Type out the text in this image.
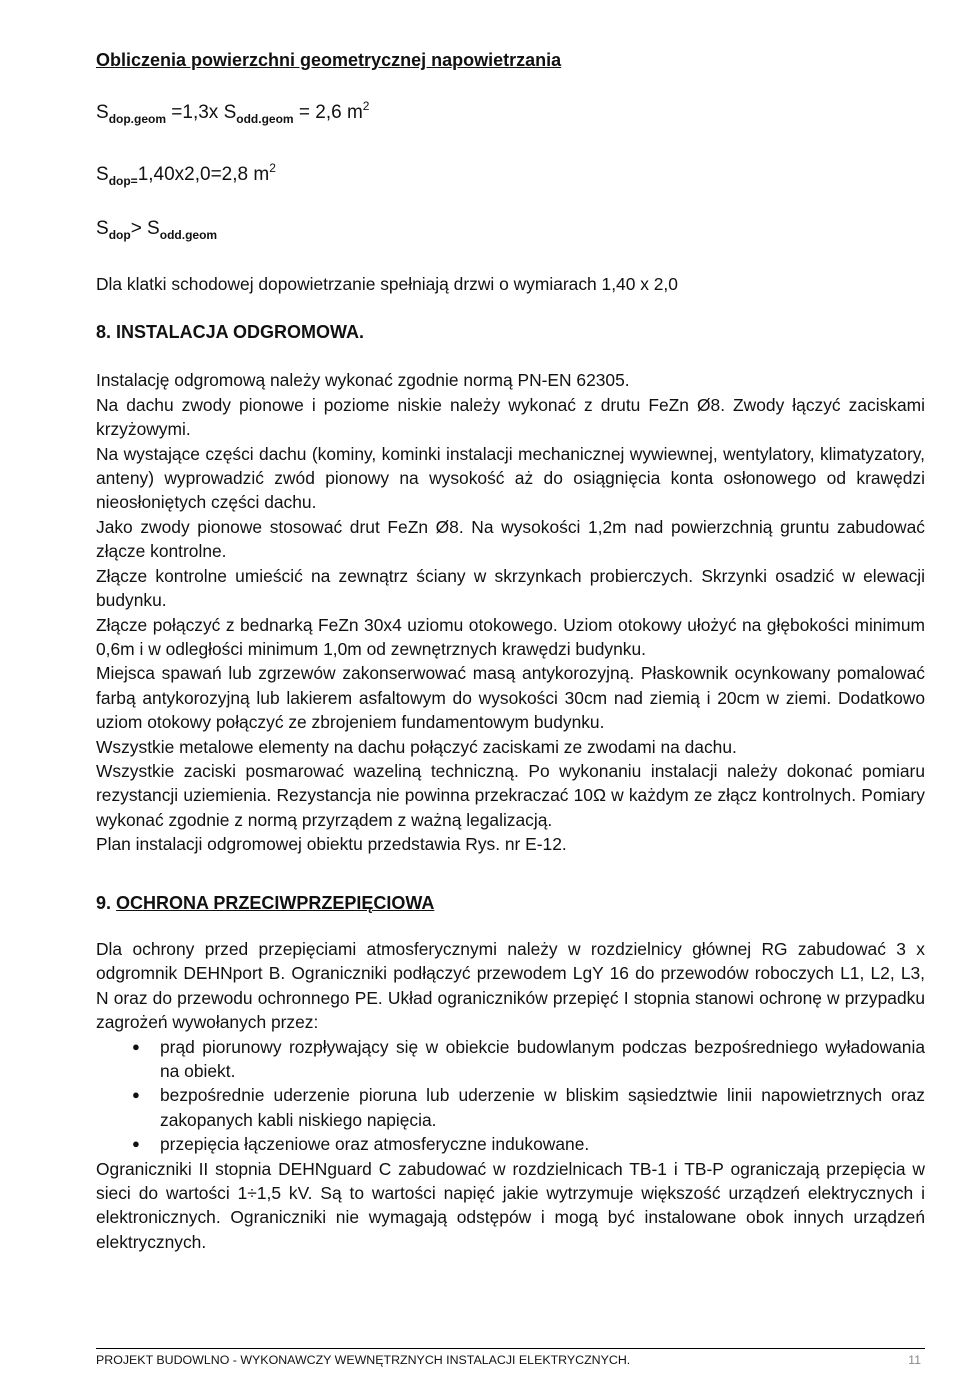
Obliczenia powierzchni geometrycznej napowietrzania
$S_{dop.geom} =1,3x$ $S_{odd.geom} = 2,6$ $m^2$
$S_{dop=}1,40x2,0=2,8$ $m^2$
$S_{dop}> S_{odd.geom}$
Dla klatki schodowej dopowietrzanie spełniają drzwi o wymiarach 1,40 x 2,0
8. INSTALACJA ODGROMOWA.
Instalację odgromową należy wykonać zgodnie normą PN-EN 62305.
Na dachu zwody pionowe i poziome niskie należy wykonać z drutu FeZn Ø8. Zwody łączyć zaciskami krzyżowymi.
Na wystające części dachu (kominy, kominki instalacji mechanicznej wywiewnej, wentylatory, klimatyzatory, anteny) wyprowadzić zwód pionowy na wysokość aż do osiągnięcia konta osłonowego od krawędzi nieosłoniętych części dachu.
Jako zwody pionowe stosować drut FeZn Ø8. Na wysokości 1,2m nad powierzchnią gruntu zabudować złącze kontrolne.
Złącze kontrolne umieścić na zewnątrz ściany w skrzynkach probierczych. Skrzynki osadzić w elewacji budynku.
Złącze połączyć z bednarką FeZn 30x4 uziomu otokowego. Uziom otokowy ułożyć na głębokości minimum 0,6m i w odległości minimum 1,0m od zewnętrznych krawędzi budynku.
Miejsca spawań lub zgrzewów zakonserwować masą antykorozyjną. Płaskownik ocynkowany pomalować farbą antykorozyjną lub lakierem asfaltowym do wysokości 30cm nad ziemią i 20cm w ziemi. Dodatkowo uziom otokowy połączyć ze zbrojeniem fundamentowym budynku.
Wszystkie metalowe elementy na dachu połączyć zaciskami ze zwodami na dachu.
Wszystkie zaciski posmarować wazeliną techniczną. Po wykonaniu instalacji należy dokonać pomiaru rezystancji uziemienia. Rezystancja nie powinna przekraczać 10Ω w każdym ze złącz kontrolnych. Pomiary wykonać zgodnie z normą przyrządem z ważną legalizacją.
Plan instalacji odgromowej obiektu przedstawia Rys. nr E-12.
9. OCHRONA PRZECIWPRZEPIĘCIOWA
Dla ochrony przed przepięciami atmosferycznymi należy w rozdzielnicy głównej RG zabudować 3 x odgromnik DEHNport B. Ograniczniki podłączyć przewodem LgY 16 do przewodów roboczych L1, L2, L3, N oraz do przewodu ochronnego PE. Układ ograniczników przepięć I stopnia stanowi ochronę w przypadku zagrożeń wywołanych przez:
● prąd piorunowy rozpływający się w obiekcie budowlanym podczas bezpośredniego wyładowania na obiekt.
● bezpośrednie uderzenie pioruna lub uderzenie w bliskim sąsiedztwie linii napowietrznych oraz zakopanych kabli niskiego napięcia.
● przepięcia łączeniowe oraz atmosferyczne indukowane.
Ograniczniki II stopnia DEHNguard C zabudować w rozdzielnicach TB-1 i TB-P ograniczają przepięcia w sieci do wartości 1÷1,5 kV. Są to wartości napięć jakie wytrzymuje większość urządzeń elektrycznych i elektronicznych. Ograniczniki nie wymagają odstępów i mogą być instalowane obok innych urządzeń elektrycznych.
PROJEKT BUDOWLNO - WYKONAWCZY WEWNĘTRZNYCH INSTALACJI ELEKTRYCZNYCH.	11
